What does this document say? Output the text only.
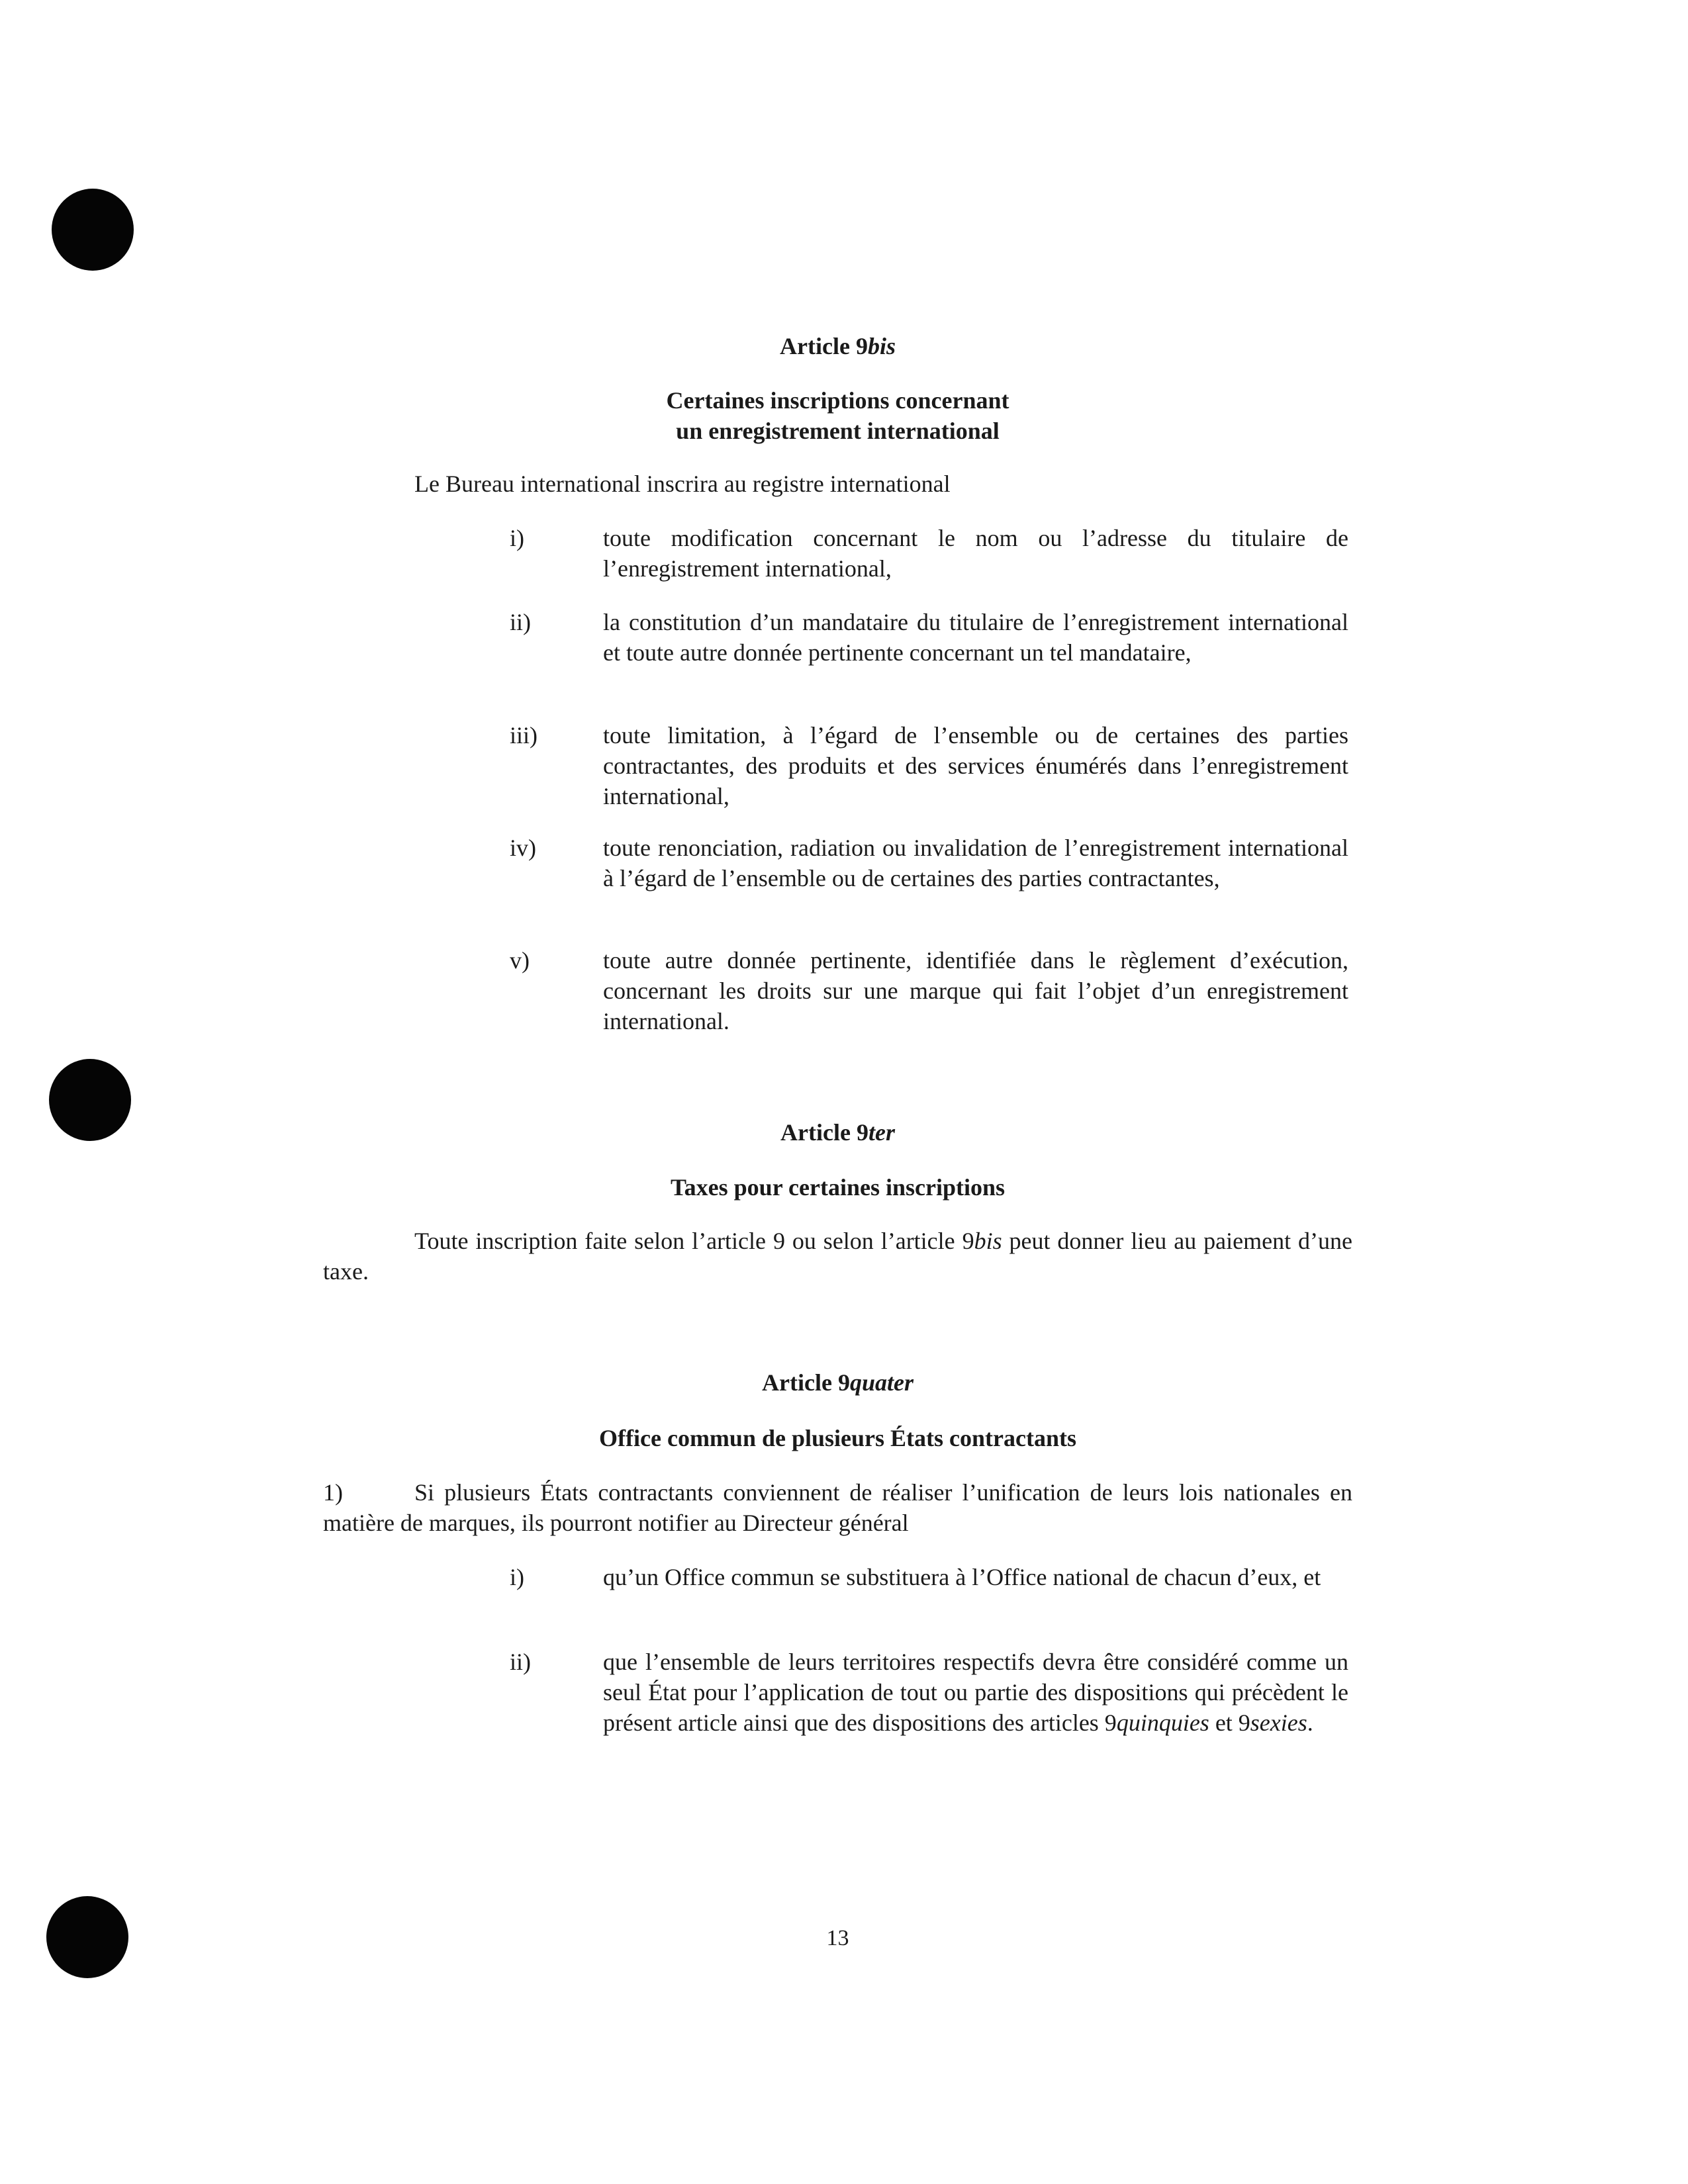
Article 9bis
Certaines inscriptions concernant
un enregistrement international
Le Bureau international inscrira au registre international
i)	toute modification concernant le nom ou l’adresse du titulaire de l’enregistrement international,
ii)	la constitution d’un mandataire du titulaire de l’enregistrement international et toute autre donnée pertinente concernant un tel mandataire,
iii)	toute limitation, à l’égard de l’ensemble ou de certaines des parties contractantes, des produits et des services énumérés dans l’enregistrement international,
iv)	toute renonciation, radiation ou invalidation de l’enregistrement international à l’égard de l’ensemble ou de certaines des parties contractantes,
v)	toute autre donnée pertinente, identifiée dans le règlement d’exécution, concernant les droits sur une marque qui fait l’objet d’un enregistrement international.
Article 9ter
Taxes pour certaines inscriptions
Toute inscription faite selon l’article 9 ou selon l’article 9bis peut donner lieu au paiement d’une taxe.
Article 9quater
Office commun de plusieurs États contractants
1)	Si plusieurs États contractants conviennent de réaliser l’unification de leurs lois nationales en matière de marques, ils pourront notifier au Directeur général
i)	qu’un Office commun se substituera à l’Office national de chacun d’eux, et
ii)	que l’ensemble de leurs territoires respectifs devra être considéré comme un seul État pour l’application de tout ou partie des dispositions qui précèdent le présent article ainsi que des dispositions des articles 9quinquies et 9sexies.
13
